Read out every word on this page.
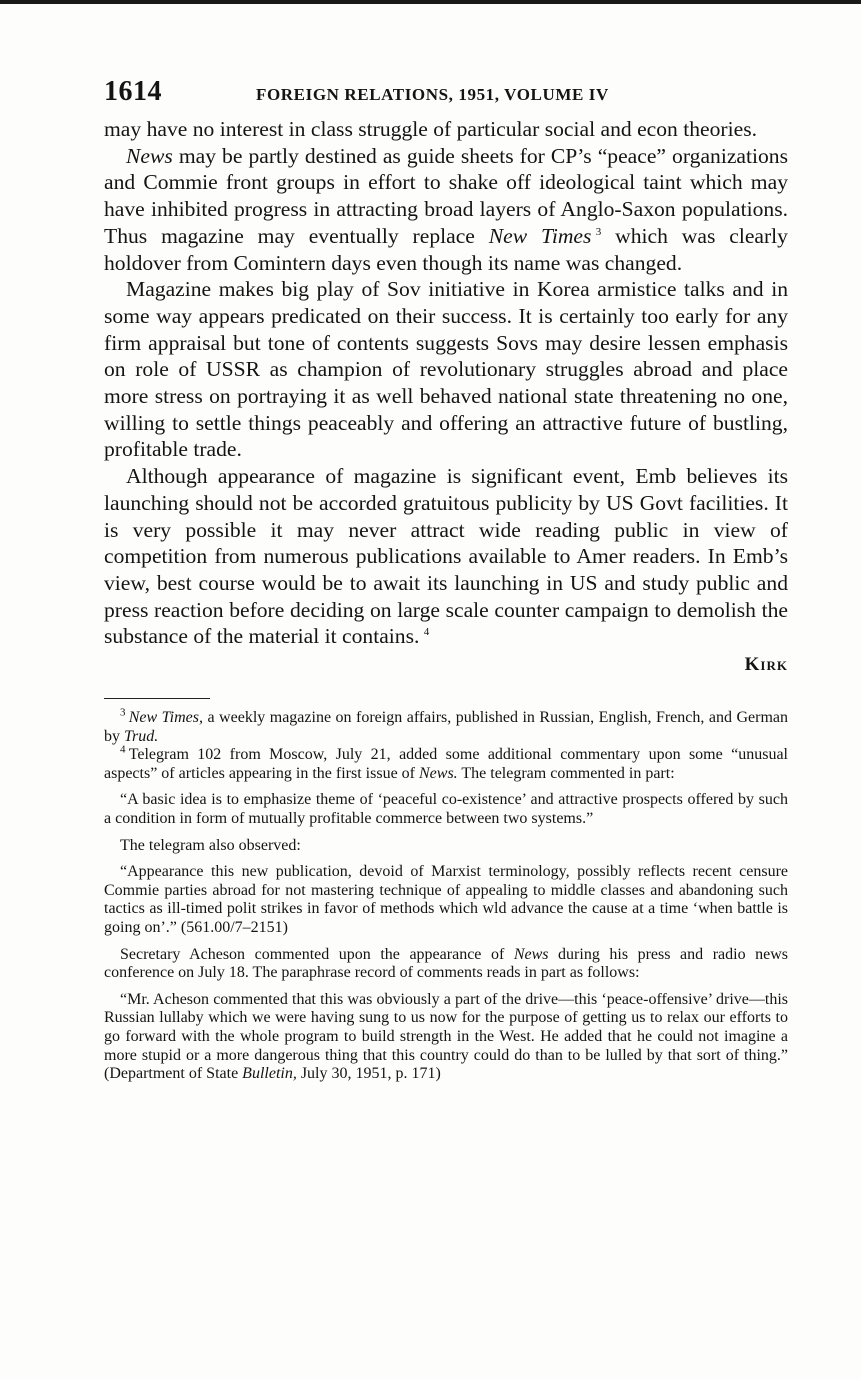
1614	FOREIGN RELATIONS, 1951, VOLUME IV

may have no interest in class struggle of particular social and econ theories.

News may be partly destined as guide sheets for CP’s “peace” organizations and Commie front groups in effort to shake off ideological taint which may have inhibited progress in attracting broad layers of Anglo-Saxon populations. Thus magazine may eventually replace New Times  $^3$ which was clearly holdover from Comintern days even though its name was changed.

Magazine makes big play of Sov initiative in Korea armistice talks and in some way appears predicated on their success. It is certainly too early for any firm appraisal but tone of contents suggests Sovs may desire lessen emphasis on role of USSR as champion of revolutionary struggles abroad and place more stress on portraying it as well behaved national state threatening no one, willing to settle things peaceably and offering an attractive future of bustling, profitable trade.

Although appearance of magazine is significant event, Emb believes its launching should not be accorded gratuitous publicity by US Govt facilities. It is very possible it may never attract wide reading public in view of competition from numerous publications available to Amer readers. In Emb’s view, best course would be to await its launching in US and study public and press reaction before deciding on large scale counter campaign to demolish the substance of the material it contains.  $^4$

Kirk

$^3$  New Times, a weekly magazine on foreign affairs, published in Russian, English, French, and German by Trud.

$^4$  Telegram 102 from Moscow, July 21, added some additional commentary upon some “unusual aspects” of articles appearing in the first issue of News. The telegram commented in part:

“A basic idea is to emphasize theme of ‘peaceful co-existence’ and attractive prospects offered by such a condition in form of mutually profitable commerce between two systems.”

The telegram also observed:

“Appearance this new publication, devoid of Marxist terminology, possibly reflects recent censure Commie parties abroad for not mastering technique of appealing to middle classes and abandoning such tactics as ill-timed polit strikes in favor of methods which wld advance the cause at a time ‘when battle is going on’.” (561.00/7–2151)

Secretary Acheson commented upon the appearance of News during his press and radio news conference on July 18. The paraphrase record of comments reads in part as follows:

“Mr. Acheson commented that this was obviously a part of the drive—this ‘peace-offensive’ drive—this Russian lullaby which we were having sung to us now for the purpose of getting us to relax our efforts to go forward with the whole program to build strength in the West. He added that he could not imagine a more stupid or a more dangerous thing that this country could do than to be lulled by that sort of thing.” (Department of State Bulletin, July 30, 1951, p. 171)
